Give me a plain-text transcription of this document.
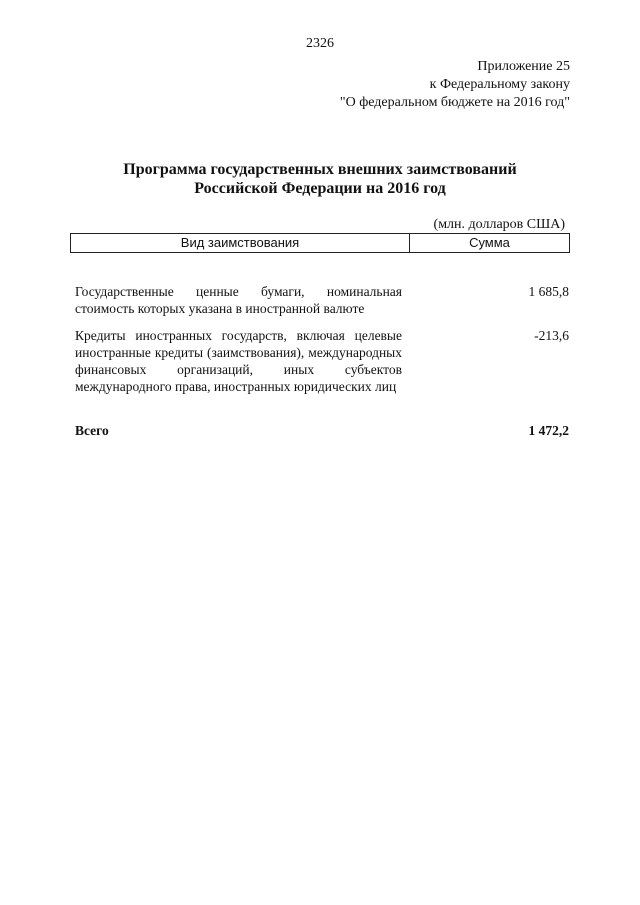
2326
Приложение 25
к Федеральному закону
"О федеральном бюджете на 2016 год"
Программа государственных внешних заимствований
Российской Федерации на 2016 год
(млн. долларов США)
Вид заимствования	Сумма
Государственные ценные бумаги, номинальная стоимость которых указана в иностранной валюте
1 685,8
Кредиты иностранных государств, включая целевые иностранные кредиты (заимствования), международных финансовых организаций, иных субъектов международного права, иностранных юридических лиц
-213,6
Всего	1 472,2
